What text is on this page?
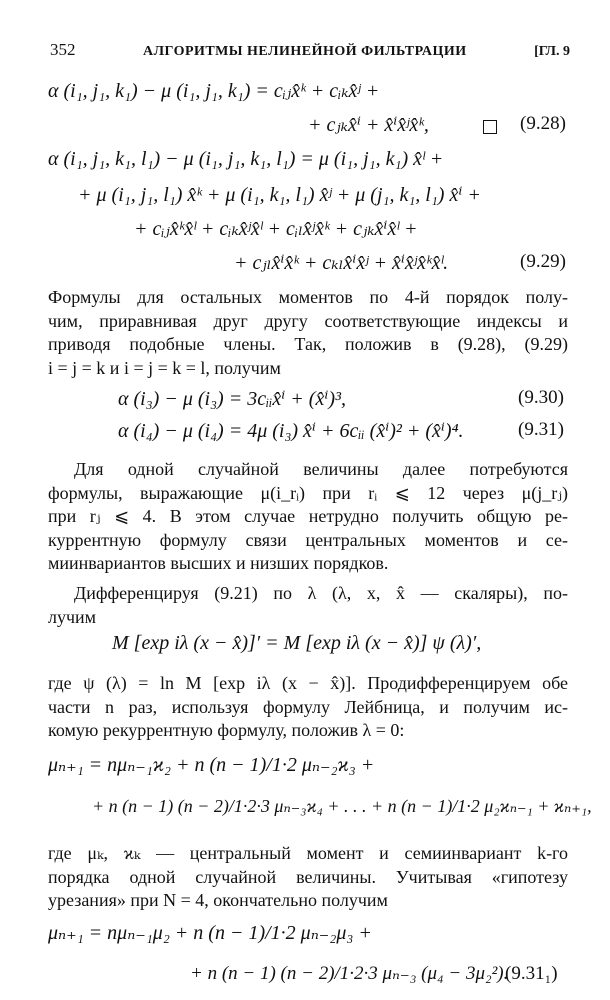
352	АЛГОРИТМЫ НЕЛИНЕЙНОЙ ФИЛЬТРАЦИИ	[ГЛ. 9
α (i₁, j₁, k₁) − μ (i₁, j₁, k₁) = cᵢⱼx̂ᵏ + cᵢₖx̂ʲ +
+ cⱼₖx̂ⁱ + x̂ⁱx̂ʲx̂ᵏ,	(9.28)
α (i₁, j₁, k₁, l₁) − μ (i₁, j₁, k₁, l₁) = μ (i₁, j₁, k₁) x̂ˡ +
+ μ (i₁, j₁, l₁) x̂ᵏ + μ (i₁, k₁, l₁) x̂ʲ + μ (j₁, k₁, l₁) x̂ⁱ +
+ cᵢⱼx̂ᵏx̂ˡ + cᵢₖx̂ʲx̂ˡ + cᵢₗx̂ʲx̂ᵏ + cⱼₖx̂ⁱx̂ˡ +
+ cⱼₗx̂ⁱx̂ᵏ + cₖₗx̂ⁱx̂ʲ + x̂ⁱx̂ʲx̂ᵏx̂ˡ.	(9.29)
Формулы для остальных моментов по 4-й порядок полу-
чим, приравнивая друг другу соответствующие индексы и
приводя подобные члены. Так, положив в (9.28), (9.29)
i = j = k и i = j = k = l, получим
α (i₃) − μ (i₃) = 3cᵢᵢx̂ⁱ + (x̂ⁱ)³,	(9.30)
α (i₄) − μ (i₄) = 4μ (i₃) x̂ⁱ + 6cᵢᵢ (x̂ⁱ)² + (x̂ⁱ)⁴.	(9.31)
Для одной случайной величины далее потребуются
формулы, выражающие μ(i_rᵢ) при rᵢ ⩽ 12 через μ(j_rⱼ)
при rⱼ ⩽ 4. В этом случае нетрудно получить общую ре-
куррентную формулу связи центральных моментов и се-
миинвариантов высших и низших порядков.
Дифференцируя (9.21) по λ (λ, x, x̂ — скаляры), по-
лучим
M [exp iλ (x − x̂)]′ = M [exp iλ (x − x̂)] ψ (λ)′,
где ψ (λ) = ln M [exp iλ (x − x̂)]. Продифференцируем обе
части n раз, используя формулу Лейбница, и получим ис-
комую рекуррентную формулу, положив λ = 0:
μₙ₊₁ = nμₙ₋₁ϰ₂ + n (n − 1)/1·2 μₙ₋₂ϰ₃ +
+ n (n − 1) (n − 2)/1·2·3 μₙ₋₃ϰ₄ + . . . + n (n − 1)/1·2 μ₂ϰₙ₋₁ + ϰₙ₊₁,
где μₖ, ϰₖ — центральный момент и семиинвариант k-го
порядка одной случайной величины. Учитывая «гипотезу
урезания» при N = 4, окончательно получим
μₙ₊₁ = nμₙ₋₁μ₂ + n (n − 1)/1·2 μₙ₋₂μ₃ +
+ n (n − 1) (n − 2)/1·2·3 μₙ₋₃ (μ₄ − 3μ₂²).
(9.31₁)
